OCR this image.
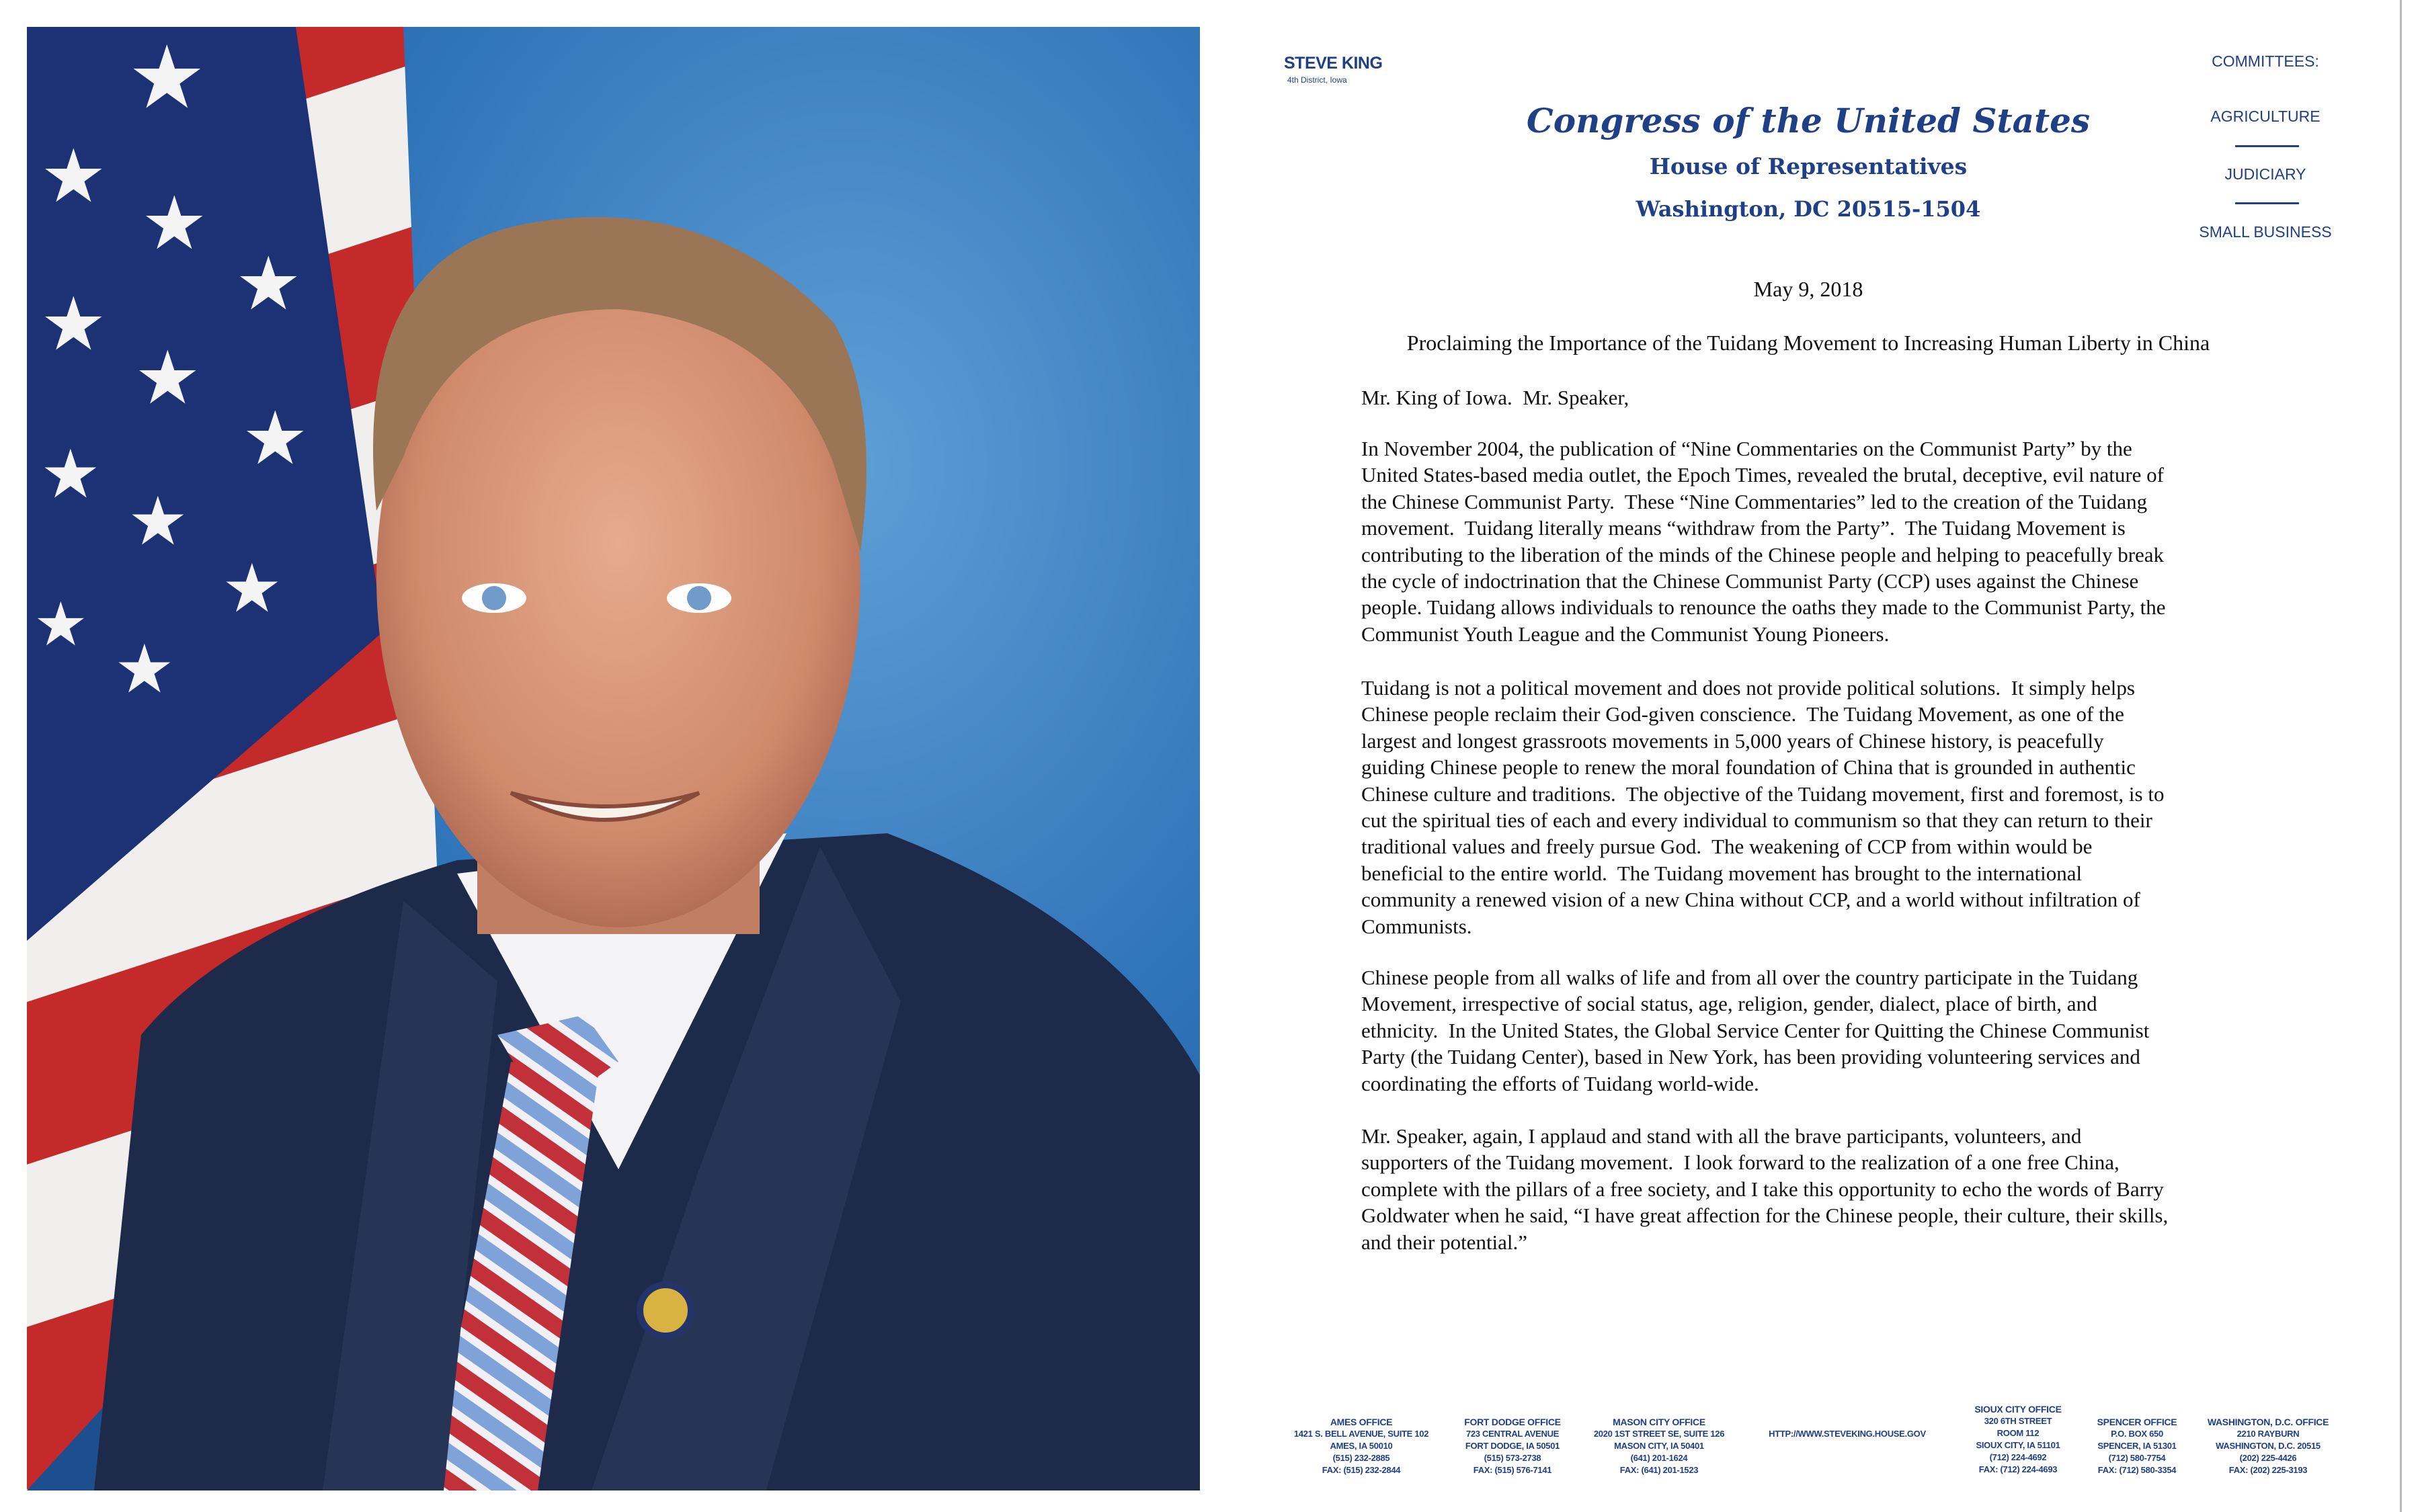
★
★
★
★
★
★
★
★
★
★
★
★
STEVE KING
4th District, Iowa
Congress of the United States
House of Representatives
Washington, DC 20515-1504
COMMITTEES:
AGRICULTURE
JUDICIARY
SMALL BUSINESS
May 9, 2018
Proclaiming the Importance of the Tuidang Movement to Increasing Human Liberty in China
Mr. King of Iowa.  Mr. Speaker,
In November 2004, the publication of “Nine Commentaries on the Communist Party” by the
United States-based media outlet, the Epoch Times, revealed the brutal, deceptive, evil nature of
the Chinese Communist Party.  These “Nine Commentaries” led to the creation of the Tuidang
movement.  Tuidang literally means “withdraw from the Party”.  The Tuidang Movement is
contributing to the liberation of the minds of the Chinese people and helping to peacefully break
the cycle of indoctrination that the Chinese Communist Party (CCP) uses against the Chinese
people. Tuidang allows individuals to renounce the oaths they made to the Communist Party, the
Communist Youth League and the Communist Young Pioneers.
Tuidang is not a political movement and does not provide political solutions.  It simply helps
Chinese people reclaim their God-given conscience.  The Tuidang Movement, as one of the
largest and longest grassroots movements in 5,000 years of Chinese history, is peacefully
guiding Chinese people to renew the moral foundation of China that is grounded in authentic
Chinese culture and traditions.  The objective of the Tuidang movement, first and foremost, is to
cut the spiritual ties of each and every individual to communism so that they can return to their
traditional values and freely pursue God.  The weakening of CCP from within would be
beneficial to the entire world.  The Tuidang movement has brought to the international
community a renewed vision of a new China without CCP, and a world without infiltration of
Communists.
Chinese people from all walks of life and from all over the country participate in the Tuidang
Movement, irrespective of social status, age, religion, gender, dialect, place of birth, and
ethnicity.  In the United States, the Global Service Center for Quitting the Chinese Communist
Party (the Tuidang Center), based in New York, has been providing volunteering services and
coordinating the efforts of Tuidang world-wide.
Mr. Speaker, again, I applaud and stand with all the brave participants, volunteers, and
supporters of the Tuidang movement.  I look forward to the realization of a one free China,
complete with the pillars of a free society, and I take this opportunity to echo the words of Barry
Goldwater when he said, “I have great affection for the Chinese people, their culture, their skills,
and their potential.”
AMES OFFICE
1421 S. BELL AVENUE, SUITE 102
AMES, IA 50010
(515) 232-2885
FAX: (515) 232-2844
FORT DODGE OFFICE
723 CENTRAL AVENUE
FORT DODGE, IA 50501
(515) 573-2738
FAX: (515) 576-7141
MASON CITY OFFICE
2020 1ST STREET SE, SUITE 126
MASON CITY, IA 50401
(641) 201-1624
FAX: (641) 201-1523
HTTP://WWW.STEVEKING.HOUSE.GOV
SIOUX CITY OFFICE
320 6TH STREET
ROOM 112
SIOUX CITY, IA 51101
(712) 224-4692
FAX: (712) 224-4693
SPENCER OFFICE
P.O. BOX 650
SPENCER, IA 51301
(712) 580-7754
FAX: (712) 580-3354
WASHINGTON, D.C. OFFICE
2210 RAYBURN
WASHINGTON, D.C. 20515
(202) 225-4426
FAX: (202) 225-3193
